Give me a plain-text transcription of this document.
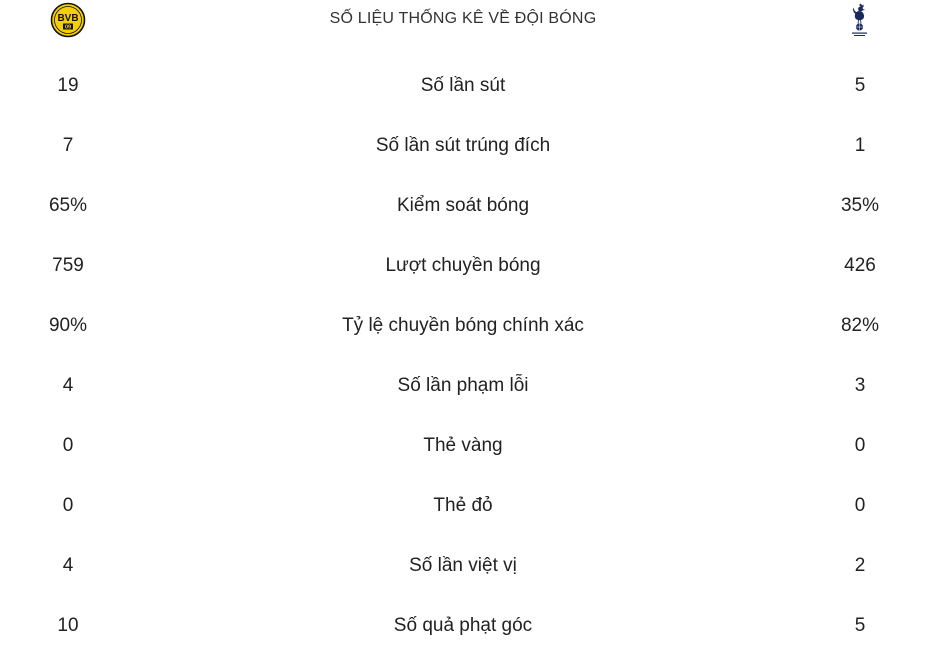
BVB
09
SỐ LIỆU THỐNG KÊ VỀ ĐỘI BÓNG
19	Số lần sút	5
7	Số lần sút trúng đích	1
65%	Kiểm soát bóng	35%
759	Lượt chuyền bóng	426
90%	Tỷ lệ chuyền bóng chính xác	82%
4	Số lần phạm lỗi	3
0	Thẻ vàng	0
0	Thẻ đỏ	0
4	Số lần việt vị	2
10	Số quả phạt góc	5
